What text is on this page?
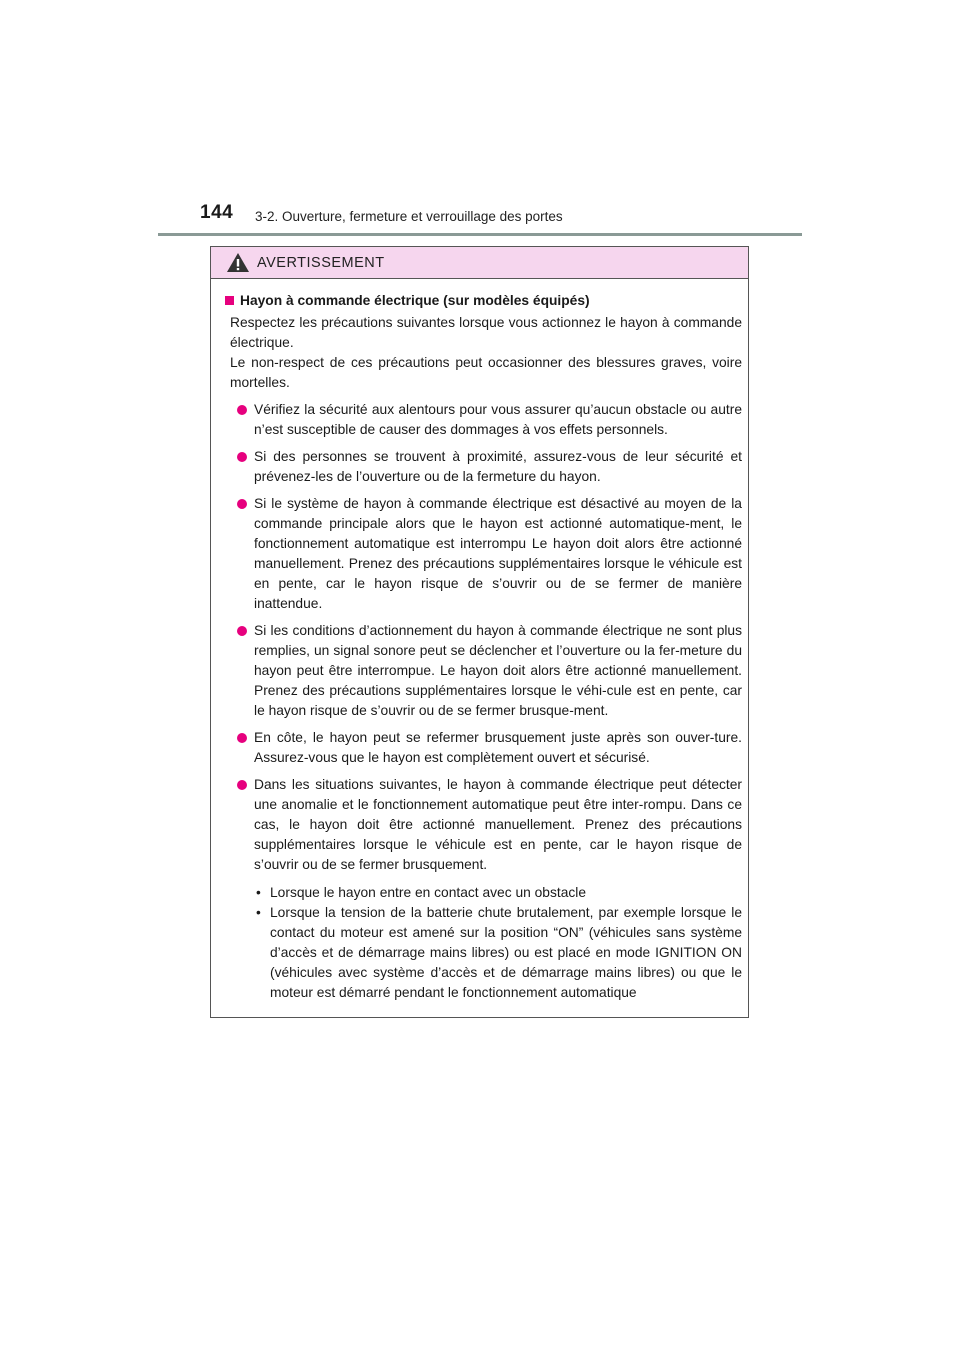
144 3-2. Ouverture, fermeture et verrouillage des portes
AVERTISSEMENT
Hayon à commande électrique (sur modèles équipés)

Respectez les précautions suivantes lorsque vous actionnez le hayon à commande électrique.

Le non-respect de ces précautions peut occasionner des blessures graves, voire mortelles.

Vérifiez la sécurité aux alentours pour vous assurer qu’aucun obstacle ou autre n’est susceptible de causer des dommages à vos effets personnels.
Si des personnes se trouvent à proximité, assurez-vous de leur sécurité et prévenez-les de l’ouverture ou de la fermeture du hayon.
Si le système de hayon à commande électrique est désactivé au moyen de la commande principale alors que le hayon est actionné automatique-ment, le fonctionnement automatique est interrompu Le hayon doit alors être actionné manuellement. Prenez des précautions supplémentaires lorsque le véhicule est en pente, car le hayon risque de s’ouvrir ou de se fermer de manière inattendue.
Si les conditions d’actionnement du hayon à commande électrique ne sont plus remplies, un signal sonore peut se déclencher et l’ouverture ou la fer-meture du hayon peut être interrompue. Le hayon doit alors être actionné manuellement. Prenez des précautions supplémentaires lorsque le véhi-cule est en pente, car le hayon risque de s’ouvrir ou de se fermer brusque-ment.
En côte, le hayon peut se refermer brusquement juste après son ouver-ture. Assurez-vous que le hayon est complètement ouvert et sécurisé.
Dans les situations suivantes, le hayon à commande électrique peut détecter une anomalie et le fonctionnement automatique peut être inter-rompu. Dans ce cas, le hayon doit être actionné manuellement. Prenez des précautions supplémentaires lorsque le véhicule est en pente, car le hayon risque de s’ouvrir ou de se fermer brusquement.
• Lorsque le hayon entre en contact avec un obstacle
• Lorsque la tension de la batterie chute brutalement, par exemple lorsque le contact du moteur est amené sur la position “ON” (véhicules sans système d’accès et de démarrage mains libres) ou est placé en mode IGNITION ON (véhicules avec système d’accès et de démarrage mains libres) ou que le moteur est démarré pendant le fonctionnement automatique
